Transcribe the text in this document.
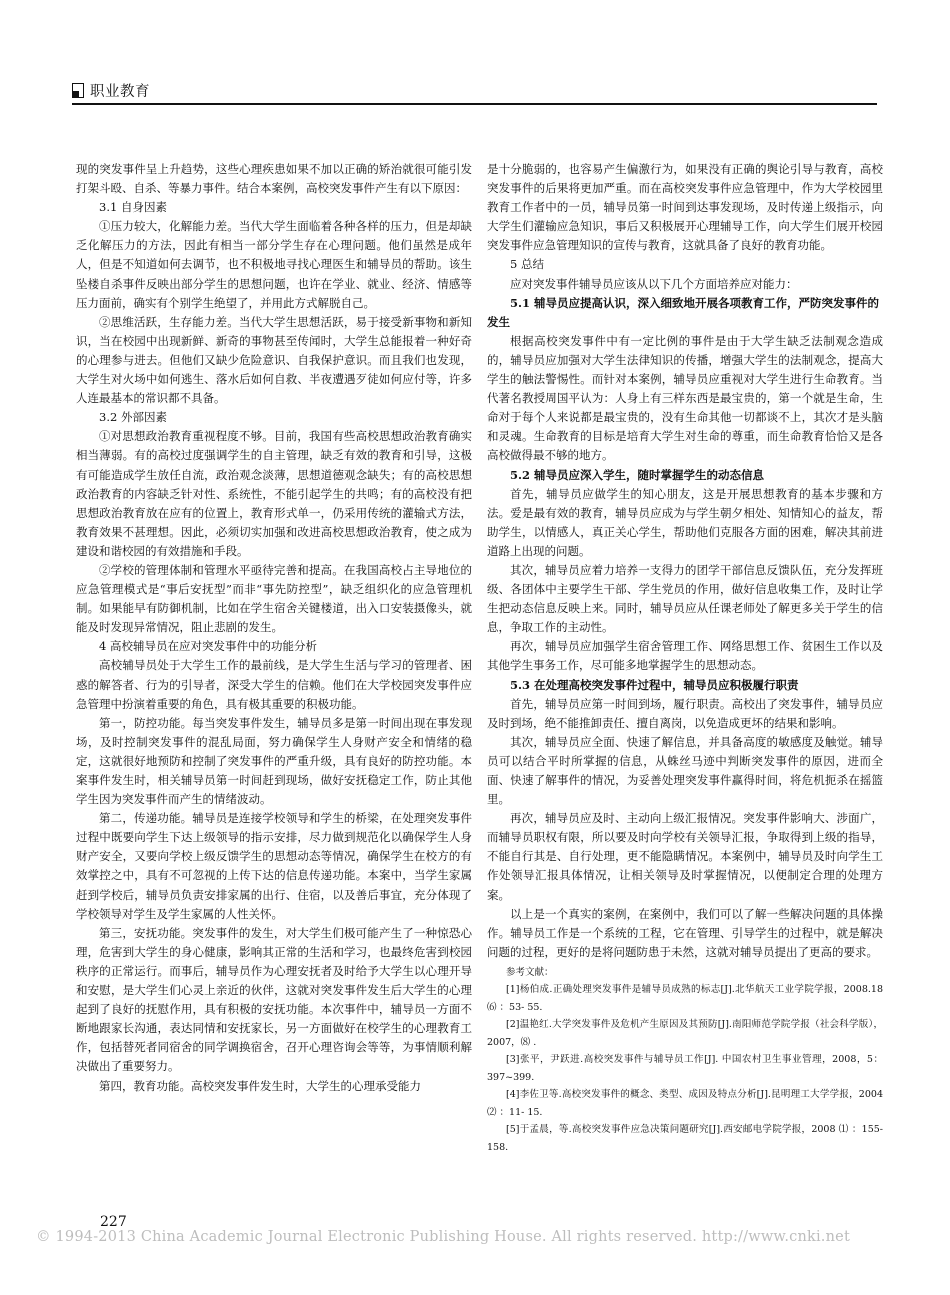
职业教育

现的突发事件呈上升趋势，这些心理疾患如果不加以正确的矫治就很可能引发打架斗殴、自杀、等暴力事件。结合本案例，高校突发事件产生有以下原因：

3.1 自身因素

①压力较大，化解能力差。当代大学生面临着各种各样的压力，但是却缺乏化解压力的方法，因此有相当一部分学生存在心理问题。他们虽然是成年人，但是不知道如何去调节，也不积极地寻找心理医生和辅导员的帮助。该生坠楼自杀事件反映出部分学生的思想问题，也许在学业、就业、经济、情感等压力面前，确实有个别学生绝望了，并用此方式解脱自己。

②思维活跃，生存能力差。当代大学生思想活跃，易于接受新事物和新知识，当在校园中出现新鲜、新奇的事物甚至传闻时，大学生总能报着一种好奇的心理参与进去。但他们又缺少危险意识、自我保护意识。而且我们也发现，大学生对火场中如何逃生、落水后如何自救、半夜遭遇歹徒如何应付等，许多人连最基本的常识都不具备。

3.2 外部因素

①对思想政治教育重视程度不够。目前，我国有些高校思想政治教育确实相当薄弱。有的高校过度强调学生的自主管理，缺乏有效的教育和引导，这极有可能造成学生放任自流，政治观念淡薄，思想道德观念缺失；有的高校思想政治教育的内容缺乏针对性、系统性，不能引起学生的共鸣；有的高校没有把思想政治教育放在应有的位置上，教育形式单一，仍采用传统的灌输式方法，教育效果不甚理想。因此，必须切实加强和改进高校思想政治教育，使之成为建设和谐校园的有效措施和手段。

②学校的管理体制和管理水平亟待完善和提高。在我国高校占主导地位的应急管理模式是“事后安抚型”而非“事先防控型”，缺乏组织化的应急管理机制。如果能早有防御机制，比如在学生宿舍关键楼道，出入口安装摄像头，就能及时发现异常情况，阻止悲剧的发生。

4 高校辅导员在应对突发事件中的功能分析

高校辅导员处于大学生工作的最前线，是大学生生活与学习的管理者、困惑的解答者、行为的引导者，深受大学生的信赖。他们在大学校园突发事件应急管理中扮演着重要的角色，具有极其重要的积极功能。

第一，防控功能。每当突发事件发生，辅导员多是第一时间出现在事发现场，及时控制突发事件的混乱局面，努力确保学生人身财产安全和情绪的稳定，这就很好地预防和控制了突发事件的严重升级，具有良好的防控功能。本案事件发生时，相关辅导员第一时间赶到现场，做好安抚稳定工作，防止其他学生因为突发事件而产生的情绪波动。

第二，传递功能。辅导员是连接学校领导和学生的桥梁，在处理突发事件过程中既要向学生下达上级领导的指示安排，尽力做到规范化以确保学生人身财产安全，又要向学校上级反馈学生的思想动态等情况，确保学生在校方的有效掌控之中，具有不可忽视的上传下达的信息传递功能。本案中，当学生家属赶到学校后，辅导员负责安排家属的出行、住宿，以及善后事宜，充分体现了学校领导对学生及学生家属的人性关怀。

第三，安抚功能。突发事件的发生，对大学生们极可能产生了一种惊恐心理，危害到大学生的身心健康，影响其正常的生活和学习，也最终危害到校园秩序的正常运行。而事后，辅导员作为心理安抚者及时给予大学生以心理开导和安慰，是大学生们心灵上亲近的伙伴，这就对突发事件发生后大学生的心理起到了良好的抚慰作用，具有积极的安抚功能。本次事件中，辅导员一方面不断地跟家长沟通，表达同情和安抚家长，另一方面做好在校学生的心理教育工作，包括替死者同宿舍的同学调换宿舍，召开心理咨询会等等，为事情顺利解决做出了重要努力。

第四，教育功能。高校突发事件发生时，大学生的心理承受能力

是十分脆弱的，也容易产生偏激行为，如果没有正确的舆论引导与教育，高校突发事件的后果将更加严重。而在高校突发事件应急管理中，作为大学校园里教育工作者中的一员，辅导员第一时间到达事发现场，及时传递上级指示，向大学生们灌输应急知识，事后又积极展开心理辅导工作，向大学生们展开校园突发事件应急管理知识的宣传与教育，这就具备了良好的教育功能。

5 总结

应对突发事件辅导员应该从以下几个方面培养应对能力：

5.1 辅导员应提高认识，深入细致地开展各项教育工作，严防突发事件的发生

根据高校突发事件中有一定比例的事件是由于大学生缺乏法制观念造成的，辅导员应加强对大学生法律知识的传播，增强大学生的法制观念，提高大学生的触法警惕性。而针对本案例，辅导员应重视对大学生进行生命教育。当代著名教授周国平认为：人身上有三样东西是最宝贵的，第一个就是生命，生命对于每个人来说都是最宝贵的，没有生命其他一切都谈不上，其次才是头脑和灵魂。生命教育的目标是培育大学生对生命的尊重，而生命教育恰恰又是各高校做得最不够的地方。

5.2 辅导员应深入学生，随时掌握学生的动态信息

首先，辅导员应做学生的知心朋友，这是开展思想教育的基本步骤和方法。爱是最有效的教育，辅导员应成为与学生朝夕相处、知情知心的益友，帮助学生，以情感人，真正关心学生，帮助他们克服各方面的困难，解决其前进道路上出现的问题。

其次，辅导员应着力培养一支得力的团学干部信息反馈队伍，充分发挥班级、各团体中主要学生干部、学生党员的作用，做好信息收集工作，及时让学生把动态信息反映上来。同时，辅导员应从任课老师处了解更多关于学生的信息，争取工作的主动性。

再次，辅导员应加强学生宿舍管理工作、网络思想工作、贫困生工作以及其他学生事务工作，尽可能多地掌握学生的思想动态。

5.3 在处理高校突发事件过程中，辅导员应积极履行职责

首先，辅导员应第一时间到场，履行职责。高校出了突发事件，辅导员应及时到场，绝不能推卸责任、擅自离岗，以免造成更坏的结果和影响。

其次，辅导员应全面、快速了解信息，并具备高度的敏感度及触觉。辅导员可以结合平时所掌握的信息，从蛛丝马迹中判断突发事件的原因，进而全面、快速了解事件的情况，为妥善处理突发事件赢得时间，将危机扼杀在摇篮里。

再次，辅导员应及时、主动向上级汇报情况。突发事件影响大、涉面广，而辅导员职权有限，所以要及时向学校有关领导汇报，争取得到上级的指导，不能自行其是、自行处理，更不能隐瞒情况。本案例中，辅导员及时向学生工作处领导汇报具体情况，让相关领导及时掌握情况，以便制定合理的处理方案。

以上是一个真实的案例，在案例中，我们可以了解一些解决问题的具体操作。辅导员工作是一个系统的工程，它在管理、引导学生的过程中，就是解决问题的过程，更好的是将问题防患于未然，这就对辅导员提出了更高的要求。

参考文献：
[1]杨伯成.正确处理突发事件是辅导员成熟的标志[J].北华航天工业学院学报，2008.18 ⑹ ：53- 55.
[2]温艳红.大学突发事件及危机产生原因及其预防[J].南阳师范学院学报（社会科学版），2007，⑻ .
[3]张平，尹跃进.高校突发事件与辅导员工作[J]. 中国农村卫生事业管理，2008，5：397~399.
[4]李佐卫等.高校突发事件的概念、类型、成因及特点分析[J].昆明理工大学学报，2004 ⑵ ：11- 15.
[5]于孟晨，等.高校突发事件应急决策问题研究[J].西安邮电学院学报，2008 ⑴ ：155- 158.
227
© 1994-2013 China Academic Journal Electronic Publishing House. All rights reserved. http://www.cnki.net
